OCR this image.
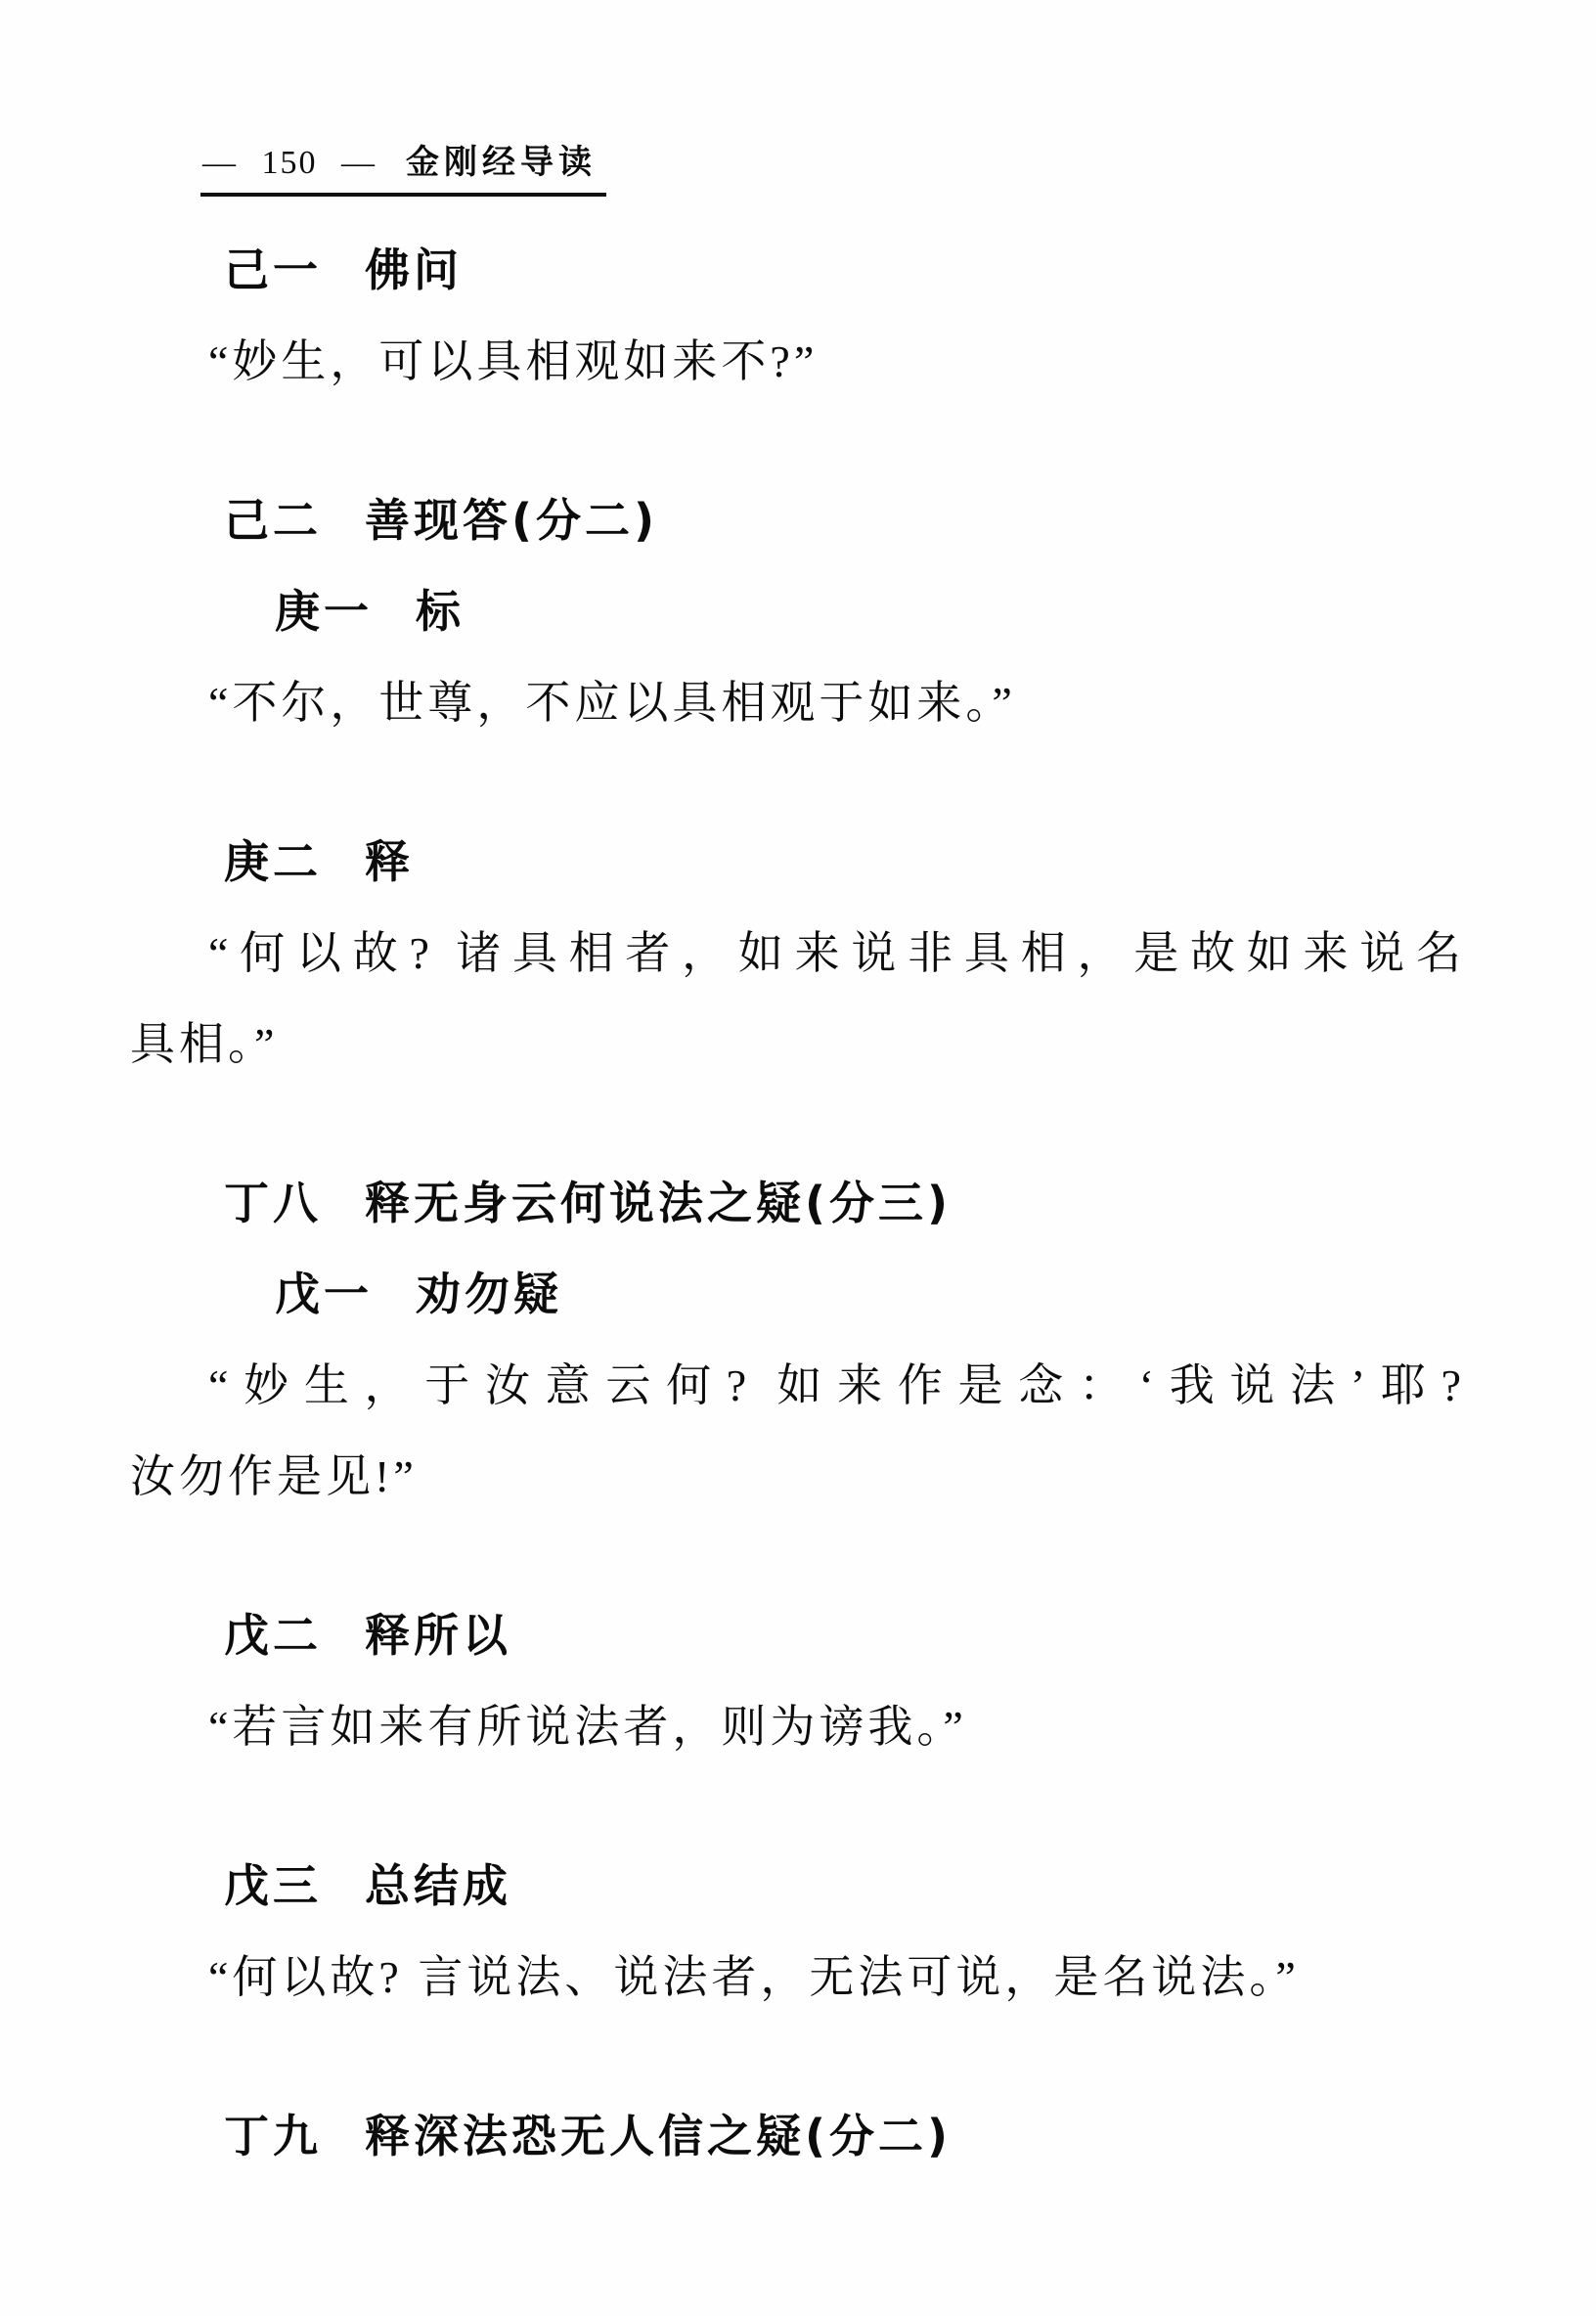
— 150 — 金刚经导读
己一 佛问
“妙生，可以具相观如来不?”
己二 善现答(分二)
庚一 标
“不尔，世尊，不应以具相观于如来。”
庚二 释
“何以故? 诸具相者，如来说非具相，是故如来说名
具相。”
丁八 释无身云何说法之疑(分三)
戊一 劝勿疑
“妙生，于汝意云何? 如来作是念：‘我说法’耶?
汝勿作是见!”
戊二 释所以
“若言如来有所说法者，则为谤我。”
戊三 总结成
“何以故? 言说法、说法者，无法可说，是名说法。”
丁九 释深法恐无人信之疑(分二)
